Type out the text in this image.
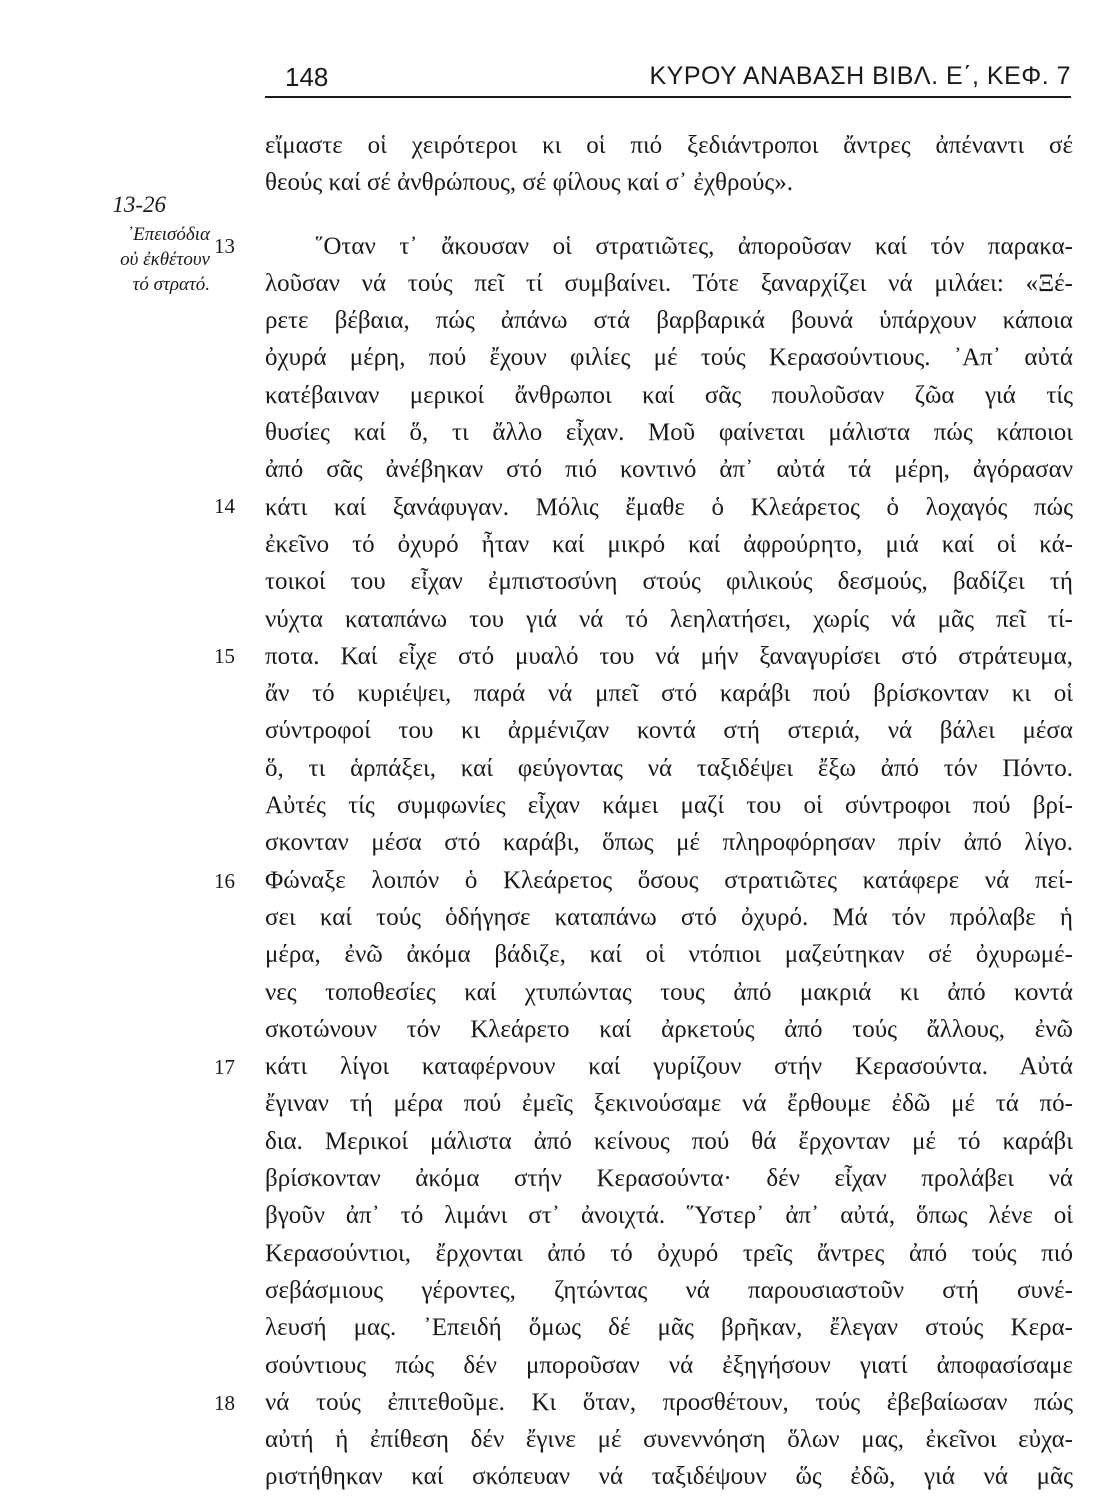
148	ΚΥΡΟΥ ΑΝΑΒΑΣΗ ΒΙΒΛ. Ε΄, ΚΕΦ. 7
13-26
᾿Επεισόδια
οὐ ἐκθέτουν
τό στρατό.
13
14
15
16
17
18
εἴμαστε οἱ χειρότεροι κι οἱ πιό ξεδιάντροποι ἄντρες ἀπέναντι σέ
θεούς καί σέ ἀνθρώπους, σέ φίλους καί σ᾿ ἐχθρούς».
῞Οταν τ᾿ ἄκουσαν οἱ στρατιῶτες, ἀποροῦσαν καί τόν παρακα-
λοῦσαν νά τούς πεῖ τί συμβαίνει. Τότε ξαναρχίζει νά μιλάει: «Ξέ-
ρετε βέβαια, πώς ἀπάνω στά βαρβαρικά βουνά ὑπάρχουν κάποια
ὀχυρά μέρη, πού ἔχουν φιλίες μέ τούς Κερασούντιους. ᾿Απ᾿ αὐτά
κατέβαιναν μερικοί ἄνθρωποι καί σᾶς πουλοῦσαν ζῶα γιά τίς
θυσίες καί ὅ, τι ἄλλο εἶχαν. Μοῦ φαίνεται μάλιστα πώς κάποιοι
ἀπό σᾶς ἀνέβηκαν στό πιό κοντινό ἀπ᾿ αὐτά τά μέρη, ἀγόρασαν
κάτι καί ξανάφυγαν. Μόλις ἔμαθε ὁ Κλεάρετος ὁ λοχαγός πώς
ἐκεῖνο τό ὀχυρό ἦταν καί μικρό καί ἀφρούρητο, μιά καί οἱ κά-
τοικοί του εἶχαν ἐμπιστοσύνη στούς φιλικούς δεσμούς, βαδίζει τή
νύχτα καταπάνω του γιά νά τό λεηλατήσει, χωρίς νά μᾶς πεῖ τί-
ποτα. Καί εἶχε στό μυαλό του νά μήν ξαναγυρίσει στό στράτευμα,
ἄν τό κυριέψει, παρά νά μπεῖ στό καράβι πού βρίσκονταν κι οἱ
σύντροφοί του κι ἀρμένιζαν κοντά στή στεριά, νά βάλει μέσα
ὅ, τι ἁρπάξει, καί φεύγοντας νά ταξιδέψει ἔξω ἀπό τόν Πόντο.
Αὐτές τίς συμφωνίες εἶχαν κάμει μαζί του οἱ σύντροφοι πού βρί-
σκονταν μέσα στό καράβι, ὅπως μέ πληροφόρησαν πρίν ἀπό λίγο.
Φώναξε λοιπόν ὁ Κλεάρετος ὅσους στρατιῶτες κατάφερε νά πεί-
σει καί τούς ὁδήγησε καταπάνω στό ὀχυρό. Μά τόν πρόλαβε ἡ
μέρα, ἐνῶ ἀκόμα βάδιζε, καί οἱ ντόπιοι μαζεύτηκαν σέ ὀχυρωμέ-
νες τοποθεσίες καί χτυπώντας τους ἀπό μακριά κι ἀπό κοντά
σκοτώνουν τόν Κλεάρετο καί ἀρκετούς ἀπό τούς ἄλλους, ἐνῶ
κάτι λίγοι καταφέρνουν καί γυρίζουν στήν Κερασούντα. Αὐτά
ἔγιναν τή μέρα πού ἐμεῖς ξεκινούσαμε νά ἔρθουμε ἐδῶ μέ τά πό-
δια. Μερικοί μάλιστα ἀπό κείνους πού θά ἔρχονταν μέ τό καράβι
βρίσκονταν ἀκόμα στήν Κερασούντα· δέν εἶχαν προλάβει νά
βγοῦν ἀπ᾿ τό λιμάνι στ᾿ ἀνοιχτά. ῞Υστερ᾿ ἀπ᾿ αὐτά, ὅπως λένε οἱ
Κερασούντιοι, ἔρχονται ἀπό τό ὀχυρό τρεῖς ἄντρες ἀπό τούς πιό
σεβάσμιους γέροντες, ζητώντας νά παρουσιαστοῦν στή συνέ-
λευσή μας. ᾿Επειδή ὅμως δέ μᾶς βρῆκαν, ἔλεγαν στούς Κερα-
σούντιους πώς δέν μποροῦσαν νά ἐξηγήσουν γιατί ἀποφασίσαμε
νά τούς ἐπιτεθοῦμε. Κι ὅταν, προσθέτουν, τούς ἐβεβαίωσαν πώς
αὐτή ἡ ἐπίθεση δέν ἔγινε μέ συνεννόηση ὅλων μας, ἐκεῖνοι εὐχα-
ριστήθηκαν καί σκόπευαν νά ταξιδέψουν ὥς ἐδῶ, γιά νά μᾶς
